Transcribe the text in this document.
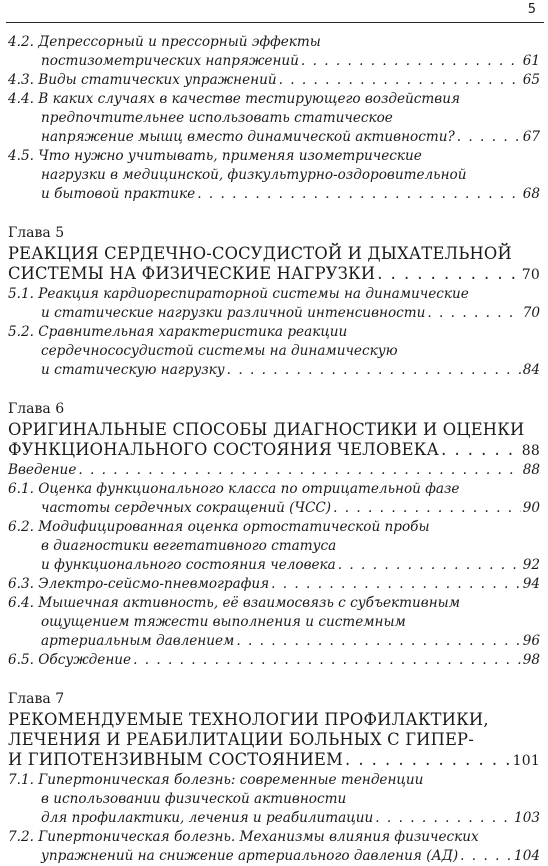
5
4.2. Депрессорный и прессорный эффекты
постизометрических напряжений . . .	61
4.3. Виды статических упражнений . . .	65
4.4. В каких случаях в качестве тестирующего воздействия
предпочтительнее использовать статическое
напряжение мышц вместо динамической активности? . . .	67
4.5. Что нужно учитывать, применяя изометрические
нагрузки в медицинской, физкультурно-оздоровительной
и бытовой практике . . .	68
Глава 5
РЕАКЦИЯ СЕРДЕЧНО-СОСУДИСТОЙ И ДЫХАТЕЛЬНОЙ
СИСТЕМЫ НА ФИЗИЧЕСКИЕ НАГРУЗКИ . . .	70
5.1. Реакция кардиореспираторной системы на динамические
и статические нагрузки различной интенсивности . . .	70
5.2. Сравнительная характеристика реакции
сердечнососудистой системы на динамическую
и статическую нагрузку . . .	84
Глава 6
ОРИГИНАЛЬНЫЕ СПОСОБЫ ДИАГНОСТИКИ И ОЦЕНКИ
ФУНКЦИОНАЛЬНОГО СОСТОЯНИЯ ЧЕЛОВЕКА . . .	88
Введение . . .	88
6.1. Оценка функционального класса по отрицательной фазе
частоты сердечных сокращений (ЧСС) . . .	90
6.2. Модифицированная оценка ортостатической пробы
в диагностики вегетативного статуса
и функционального состояния человека . . .	92
6.3. Электро-сейсмо-пневмография . . .	94
6.4. Мышечная активность, её взаимосвязь с субъективным
ощущением тяжести выполнения и системным
артериальным давлением . . .	96
6.5. Обсуждение . . .	98
Глава 7
РЕКОМЕНДУЕМЫЕ ТЕХНОЛОГИИ ПРОФИЛАКТИКИ,
ЛЕЧЕНИЯ И РЕАБИЛИТАЦИИ БОЛЬНЫХ С ГИПЕР-
И ГИПОТЕНЗИВНЫМ СОСТОЯНИЕМ . . .	101
7.1. Гипертоническая болезнь: современные тенденции
в использовании физической активности
для профилактики, лечения и реабилитации . . .	103
7.2. Гипертоническая болезнь. Механизмы влияния физических
упражнений на снижение артериального давления (АД) . . .	104
